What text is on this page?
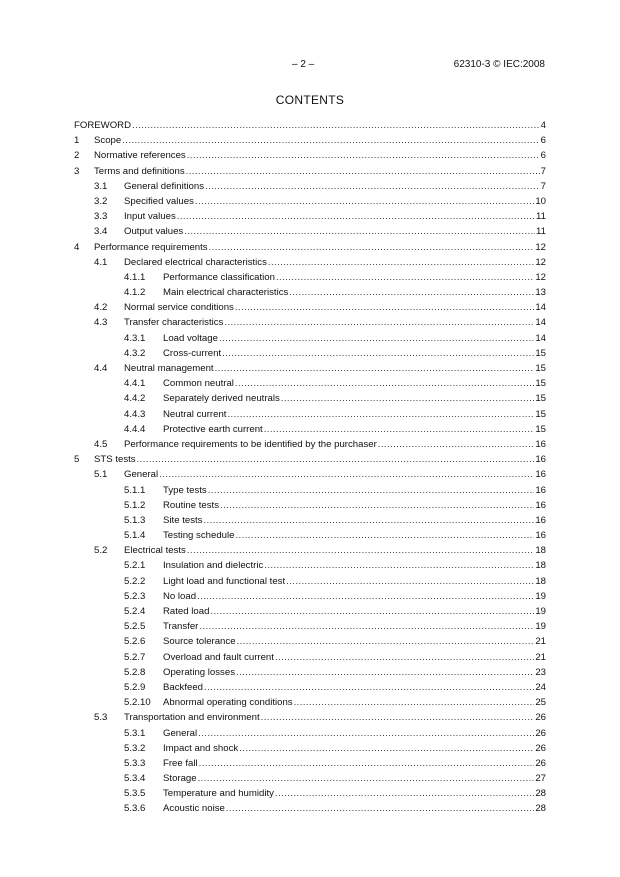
– 2 –	62310-3 © IEC:2008
CONTENTS
FOREWORD .....	4
1 Scope .....	6
2 Normative references .....	6
3 Terms and definitions .....	7
3.1 General definitions .....	7
3.2 Specified values .....	10
3.3 Input values .....	11
3.4 Output values .....	11
4 Performance requirements .....	12
4.1 Declared electrical characteristics .....	12
4.1.1 Performance classification .....	12
4.1.2 Main electrical characteristics .....	13
4.2 Normal service conditions .....	14
4.3 Transfer characteristics .....	14
4.3.1 Load voltage .....	14
4.3.2 Cross-current .....	15
4.4 Neutral management .....	15
4.4.1 Common neutral .....	15
4.4.2 Separately derived neutrals .....	15
4.4.3 Neutral current .....	15
4.4.4 Protective earth current .....	15
4.5 Performance requirements to be identified by the purchaser .....	16
5 STS tests .....	16
5.1 General .....	16
5.1.1 Type tests .....	16
5.1.2 Routine tests .....	16
5.1.3 Site tests .....	16
5.1.4 Testing schedule .....	16
5.2 Electrical tests .....	18
5.2.1 Insulation and dielectric .....	18
5.2.2 Light load and functional test .....	18
5.2.3 No load .....	19
5.2.4 Rated load .....	19
5.2.5 Transfer .....	19
5.2.6 Source tolerance .....	21
5.2.7 Overload and fault current .....	21
5.2.8 Operating losses .....	23
5.2.9 Backfeed .....	24
5.2.10 Abnormal operating conditions .....	25
5.3 Transportation and environment .....	26
5.3.1 General .....	26
5.3.2 Impact and shock .....	26
5.3.3 Free fall .....	26
5.3.4 Storage .....	27
5.3.5 Temperature and humidity .....	28
5.3.6 Acoustic noise .....	28
